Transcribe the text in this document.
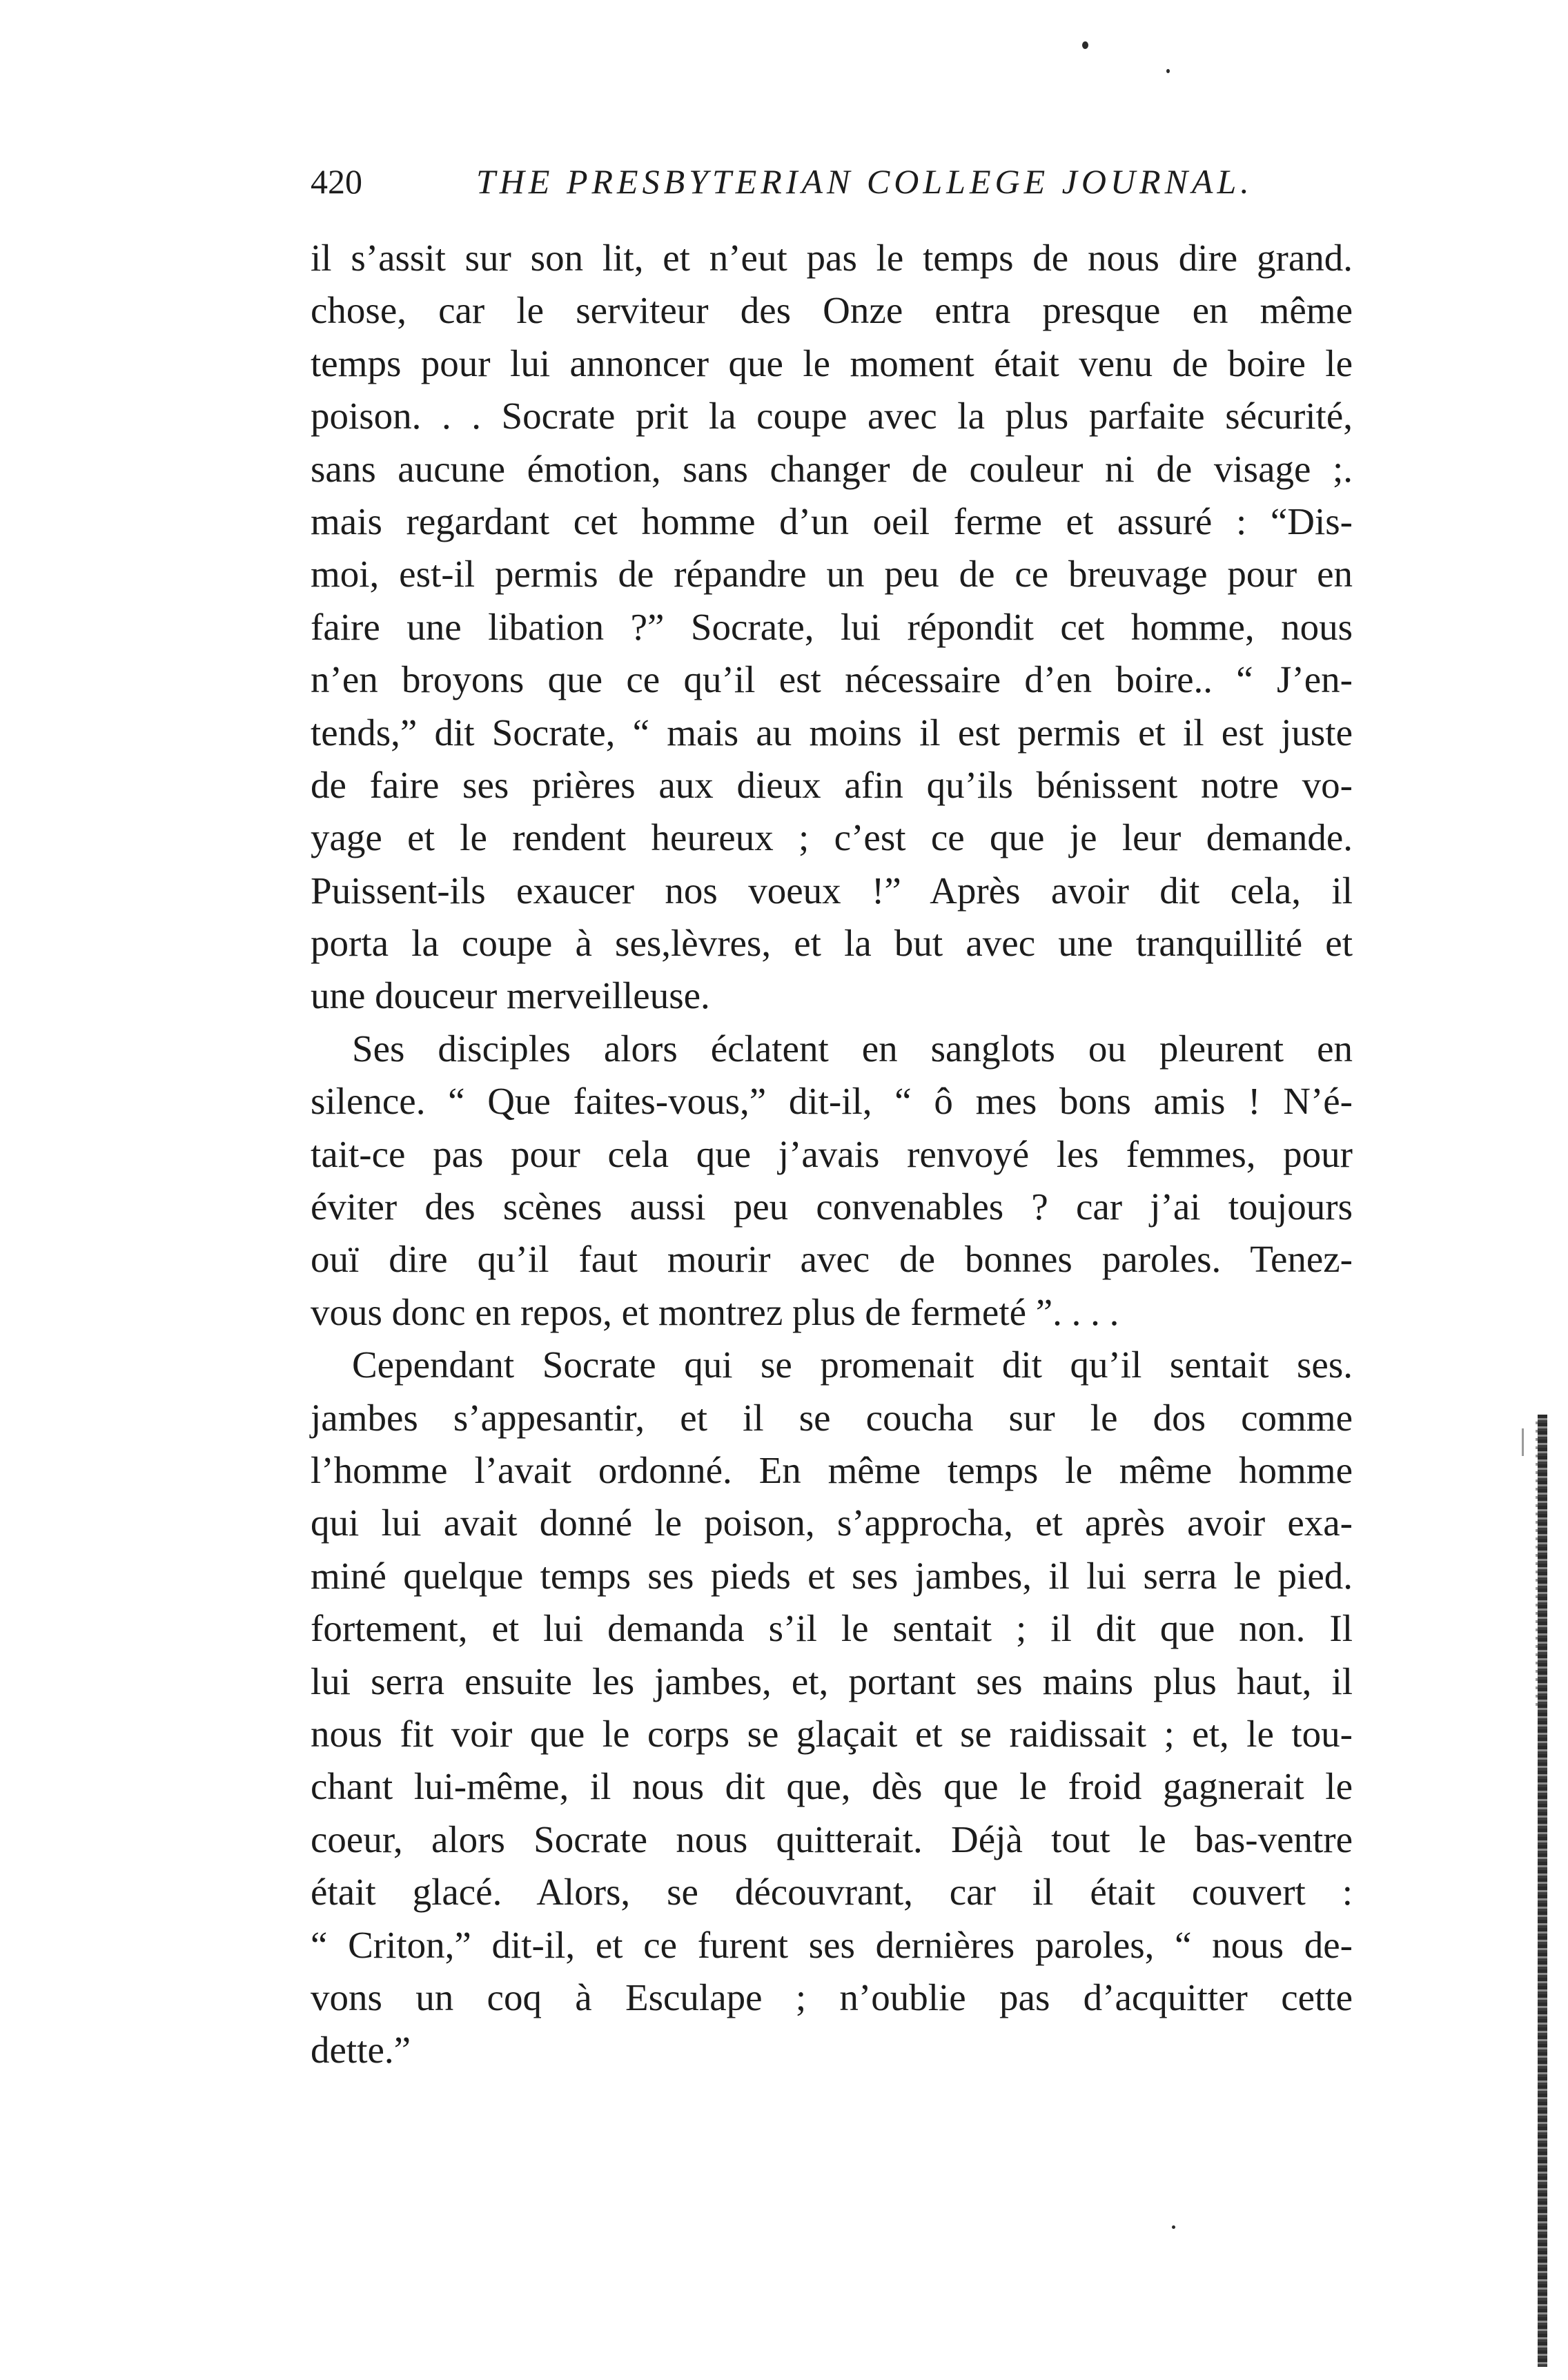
420	THE PRESBYTERIAN COLLEGE JOURNAL.
il s’assit sur son lit, et n’eut pas le temps de nous dire grand.
chose, car le serviteur des Onze entra presque en même
temps pour lui annoncer que le moment était venu de boire le
poison. . . Socrate prit la coupe avec la plus parfaite sécurité,
sans aucune émotion, sans changer de couleur ni de visage ;.
mais regardant cet homme d’un oeil ferme et assuré : “Dis-
moi, est-il permis de répandre un peu de ce breuvage pour en
faire une libation ?” Socrate, lui répondit cet homme, nous
n’en broyons que ce qu’il est nécessaire d’en boire.. “ J’en-
tends,” dit Socrate, “ mais au moins il est permis et il est juste
de faire ses prières aux dieux afin qu’ils bénissent notre vo-
yage et le rendent heureux ; c’est ce que je leur demande.
Puissent-ils exaucer nos voeux !” Après avoir dit cela, il
porta la coupe à ses,lèvres, et la but avec une tranquillité et
une douceur merveilleuse.
Ses disciples alors éclatent en sanglots ou pleurent en
silence. “ Que faites-vous,” dit-il, “ ô mes bons amis ! N’é-
tait-ce pas pour cela que j’avais renvoyé les femmes, pour
éviter des scènes aussi peu convenables ? car j’ai toujours
ouï dire qu’il faut mourir avec de bonnes paroles. Tenez-
vous donc en repos, et montrez plus de fermeté ”. . . .
Cependant Socrate qui se promenait dit qu’il sentait ses.
jambes s’appesantir, et il se coucha sur le dos comme
l’homme l’avait ordonné. En même temps le même homme
qui lui avait donné le poison, s’approcha, et après avoir exa-
miné quelque temps ses pieds et ses jambes, il lui serra le pied.
fortement, et lui demanda s’il le sentait ; il dit que non. Il
lui serra ensuite les jambes, et, portant ses mains plus haut, il
nous fit voir que le corps se glaçait et se raidissait ; et, le tou-
chant lui-même, il nous dit que, dès que le froid gagnerait le
coeur, alors Socrate nous quitterait. Déjà tout le bas-ventre
était glacé. Alors, se découvrant, car il était couvert :
“ Criton,” dit-il, et ce furent ses dernières paroles, “ nous de-
vons un coq à Esculape ; n’oublie pas d’acquitter cette
dette.”
